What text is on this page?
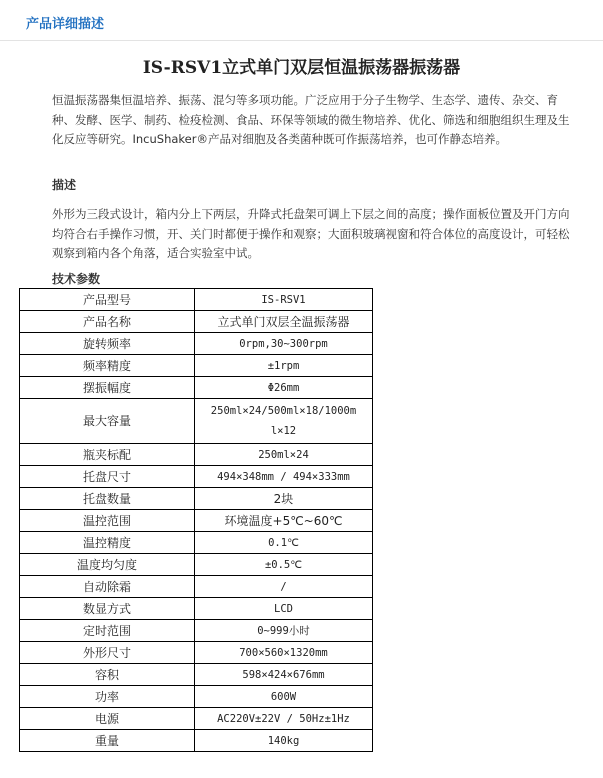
产品详细描述
IS-RSV1立式单门双层恒温振荡器振荡器

恒温振荡器集恒温培养、振荡、混匀等多项功能。广泛应用于分子生物学、生态学、遗传、杂交、育种、发酵、医学、制药、检疫检测、食品、环保等领域的微生物培养、优化、筛选和细胞组织生理及生化反应等研究。IncuShaker®产品对细胞及各类菌种既可作振荡培养，也可作静态培养。

描述

外形为三段式设计，箱内分上下两层，升降式托盘架可调上下层之间的高度；操作面板位置及开门方向均符合右手操作习惯，开、关门时都便于操作和观察；大面积玻璃视窗和符合体位的高度设计，可轻松观察到箱内各个角落，适合实验室中试。

技术参数
产品型号	IS-RSV1
产品名称	立式单门双层全温振荡器
旋转频率	0rpm,30~300rpm
频率精度	±1rpm
摆振幅度	Φ26mm
最大容量	250ml×24/500ml×18/1000m
l×12

瓶夹标配	250ml×24
托盘尺寸	494×348mm / 494×333mm
托盘数量	2块
温控范围	环境温度+5℃~60℃
温控精度	0.1℃
温度均匀度	±0.5℃
自动除霜	/
数显方式	LCD
定时范围	0~999小时
外形尺寸	700×560×1320mm
容积	598×424×676mm
功率	600W
电源	AC220V±22V / 50Hz±1Hz
重量	140kg
